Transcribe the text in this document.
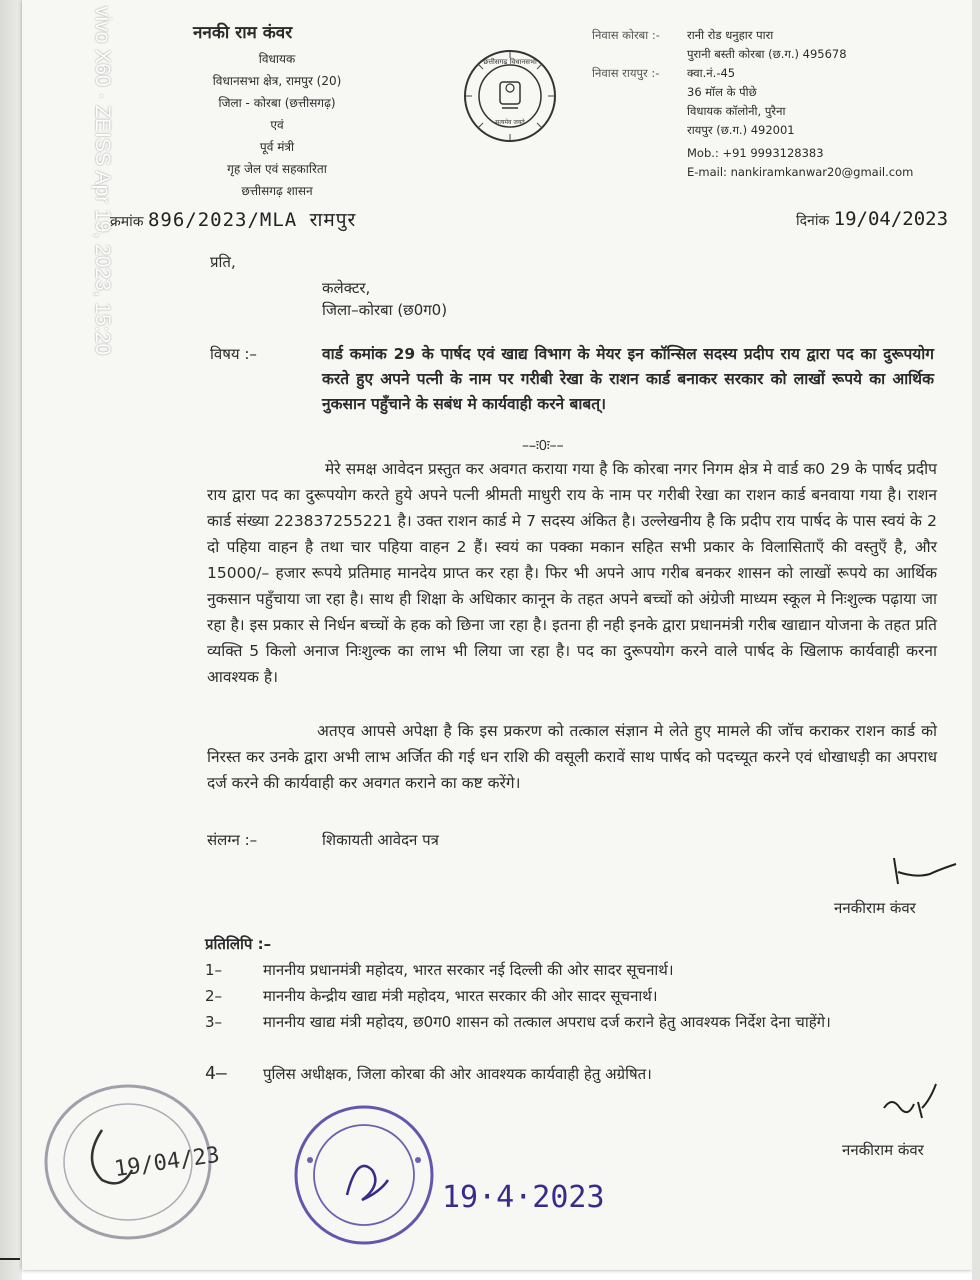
ननकी राम कंवर
विधायक
विधानसभा क्षेत्र, रामपुर (20)
जिला - कोरबा (छत्तीसगढ़)
एवं
पूर्व मंत्री
गृह जेल एवं सहकारिता
छत्तीसगढ़ शासन
छत्तीसगढ़ विधानसभा
सत्यमेव जयते
निवास कोरबा :-	रानी रोड धनुहार पारा
पुरानी बस्ती कोरबा (छ.ग.) 495678
निवास रायपुर :-	क्वा.नं.-45
36 मॉल के पीछे
विधायक कॉलोनी, पुरैना
रायपुर (छ.ग.) 492001
Mob.: +91 9993128383
E-mail: nankiramkanwar20@gmail.com
क्रमांक 896/2023/MLA रामपुर	दिनांक 19/04/2023
प्रति,
कलेक्टर,
जिला–कोरबा (छ0ग0)
विषय :–	वार्ड कमांक 29 के पार्षद एवं खाद्य विभाग के मेयर इन कॉन्सिल सदस्य प्रदीप राय द्वारा पद का दुरूपयोग करते हुए अपने पत्नी के नाम पर गरीबी रेखा के राशन कार्ड बनाकर सरकार को लाखों रूपये का आर्थिक नुकसान पहुँचाने के सबंध मे कार्यवाही करने बाबत्।
––ः0ः––
मेरे समक्ष आवेदन प्रस्तुत कर अवगत कराया गया है कि कोरबा नगर निगम क्षेत्र मे वार्ड क0 29 के पार्षद प्रदीप राय द्वारा पद का दुरूपयोग करते हुये अपने पत्नी श्रीमती माधुरी राय के नाम पर गरीबी रेखा का राशन कार्ड बनवाया गया है। राशन कार्ड संख्या 223837255221 है। उक्त राशन कार्ड मे 7 सदस्य अंकित है। उल्लेखनीय है कि प्रदीप राय पार्षद के पास स्वयं के 2 दो पहिया वाहन है तथा चार पहिया वाहन 2 हैं। स्वयं का पक्का मकान सहित सभी प्रकार के विलासिताएँ की वस्तुएँ है, और 15000/– हजार रूपये प्रतिमाह मानदेय प्राप्त कर रहा है। फिर भी अपने आप गरीब बनकर शासन को लाखों रूपये का आर्थिक नुकसान पहुँचाया जा रहा है। साथ ही शिक्षा के अधिकार कानून के तहत अपने बच्चों को अंग्रेजी माध्यम स्कूल मे निःशुल्क पढ़ाया जा रहा है। इस प्रकार से निर्धन बच्चों के हक को छिना जा रहा है। इतना ही नही इनके द्वारा प्रधानमंत्री गरीब खाद्यान योजना के तहत प्रति व्यक्ति 5 किलो अनाज निःशुल्क का लाभ भी लिया जा रहा है। पद का दुरूपयोग करने वाले पार्षद के खिलाफ कार्यवाही करना आवश्यक है।
अतएव आपसे अपेक्षा है कि इस प्रकरण को तत्काल संज्ञान मे लेते हुए मामले की जॉच कराकर राशन कार्ड को निरस्त कर उनके द्वारा अभी लाभ अर्जित की गई धन राशि की वसूली करावें साथ पार्षद को पदच्यूत करने एवं धोखाधड़ी का अपराध दर्ज करने की कार्यवाही कर अवगत कराने का कष्ट करेंगे।
संलग्न :–	शिकायती आवेदन पत्र
ननकीराम कंवर
प्रतिलिपि :–
1–	माननीय प्रधानमंत्री महोदय, भारत सरकार नई दिल्ली की ओर सादर सूचनार्थ।
2–	माननीय केन्द्रीय खाद्य मंत्री महोदय, भारत सरकार की ओर सादर सूचनार्थ।
3–	माननीय खाद्य मंत्री महोदय, छ0ग0 शासन को तत्काल अपराध दर्ज कराने हेतु आवश्यक निर्देश देना चाहेंगे।
4–	पुलिस अधीक्षक, जिला कोरबा की ओर आवश्यक कार्यवाही हेतु अग्रेषित।
ननकीराम कंवर
19/04/23
19·4·2023
vivo X60 · ZEISS Apr 19, 2023, 15:20
